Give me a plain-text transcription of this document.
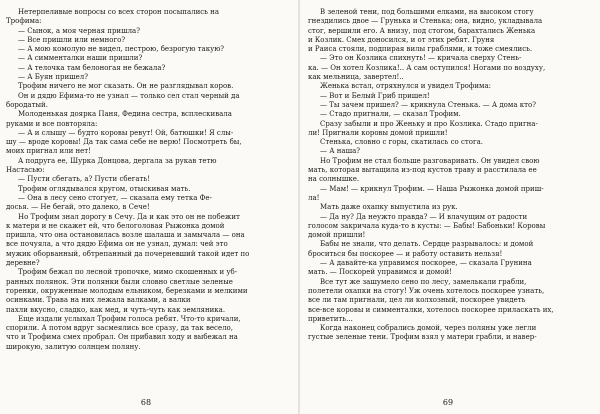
Нетерпеливые вопросы со всех сторон посыпались на
Трофима:
— Сынок, а моя черная пришла?
— Все пришли или немного?
— А мою комолую не видел, пестрою, безрогую такую?
— А симменталки наши пришли?
— А телочка там белоногая не бежала?
— А Буян пришел?
Трофим ничего не мог сказать. Он не разглядывал коров.
Он и дядю Ефима-то не узнал — только сел стал черный да
бородатый.
Молоденькая доярка Паня, Федина сестра, всплескивала
руками и все повторяла:
— А и слышу — будто коровы ревут! Ой, батюшки! Я слы-
шу — вроде коровы! Да так сама себе не верю! Посмотреть бы,
моих пригнал или нет!
А подруга ее, Шурка Донцова, дергала за рукав тетю
Настасью:
— Пусти сбегать, а? Пусти сбегать!
Трофим оглядывался кругом, отыскивая мать.
— Она в лесу сено стогует, — сказала ему тетка Фе-
досья. — Не бегай, это далеко, в Сече!
Но Трофим знал дорогу в Сечу. Да и как это он не побежит
к матери и не скажет ей, что белоголовая Рыжонка домой
пришла, что она остановилась возле шалаша и замычала — она
все почуяла, а что дядю Ефима он не узнал, думал: чей это
мужик оборванный, обтрепанный да почерневший такой идет по
деревне?
Трофим бежал по лесной тропочке, мимо скошенных и уб-
ранных полянок. Эти полянки были словно светлые зеленые
горенки, окруженные молодым ельником, березками и мелкими
осинками. Трава на них лежала валками, а валки
пахли вкусно, сладко, как мед, и чуть-чуть как земляника.
Еще издали услыхал Трофим голоса ребят. Что-то кричали,
спорили. А потом вдруг засмеялись все сразу, да так весело,
что и Трофима смех пробрал. Он прибавил ходу и выбежал на
широкую, залитую солнцем поляну.
В зеленой тени, под большими елками, на высоком стогу
гнездились двое — Грунька и Стенька; она, видно, укладывала
стог, вершили его. А внизу, под стогом, барахтались Женька
и Козлик. Смех доносился, и от этих ребят. Груня
и Раиса стояли, подпирая вилы граблями, и тоже смеялись.
— Это он Козлика спихнуть! — кричала сверху Стень-
ка. — Он хотел Козлика!.. А сам оступился! Ногами по воздуху,
как мельница, завертел!..
Женька встал, отряхнулся и увидел Трофима:
— Вот и Белый Гриб пришел!
— Ты зачем пришел? — крикнула Стенька. — А дома кто?
— Стадо пригнали, — сказал Трофим.
Сразу забыли и про Женьку и про Козлика. Стадо пригна-
ли! Пригнали коровы домой пришли!
Стенька, словно с горы, скатилась со стога.
— А наша?
Но Трофим не стал больше разговаривать. Он увидел свою
мать, которая вытащила из-под кустов траву и расстилала ее
на солнышке.
— Мам! — крикнул Трофим. — Наша Рыжонка домой приш-
ла!
Мать даже охапку выпустила из рук.
— Да ну? Да неужто правда? — И влачущим от радости
голосом закричала куда-то в кусты: — Бабы! Бабоньки! Коровы
домой пришли!
Бабы не знали, что делать. Сердце разрывалось: и домой
броситься бы поскорее — и работу оставить нельзя!
— А давайте-ка управимся поскорее, — сказала Грунина
мать. — Поскорей управимся и домой!
Все тут же зашумело сено по лесу, замелькали грабли,
полетели охапки на стогу! Уж очень хотелось поскорее узнать,
все ли там пригнали, цел ли колхозный, поскорее увидеть
все-все коровы и симменталки, хотелось поскорее приласкать их,
приветить...
Когда наконец собрались домой, через поляны уже легли
густые зеленые тени. Трофим взял у матери грабли, и навер-
68	69
